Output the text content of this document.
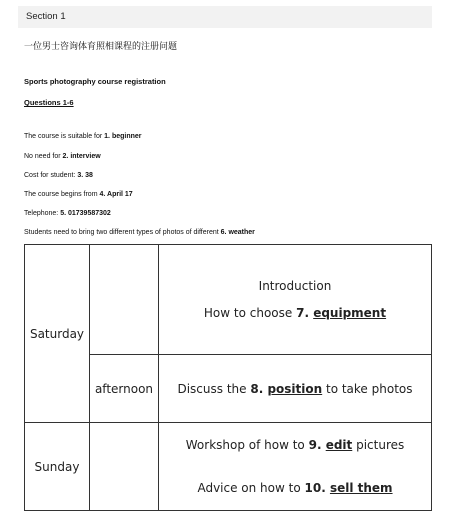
Section 1
一位男士咨询体育照相课程的注册问题
Sports photography course registration
Questions 1-6
The course is suitable for 1. beginner
No need for 2. interview
Cost for student: 3. 38
The course begins from 4. April 17
Telephone: 5. 01739587302
Students need to bring two different types of photos of different 6. weather
Saturday		Introduction
How to choose 7. equipment

	afternoon	Discuss the 8. position to take photos
Sunday		Workshop of how to 9. edit pictures
Advice on how to 10. sell them
